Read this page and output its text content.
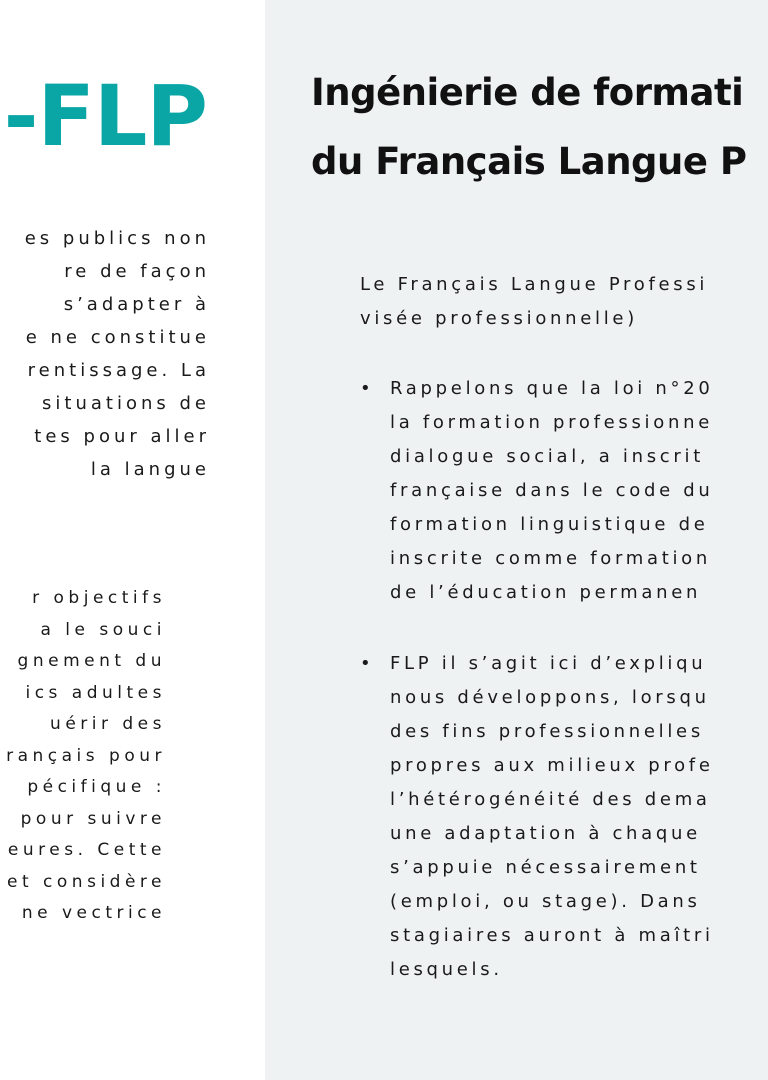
-FLP

es publics non

re de façon

s’adapter à

e ne constitue

rentissage. La

situations de

tes pour aller

la langue

r objectifs

a le souci

gnement du

ics adultes

uérir des

rançais pour

pécifique :

pour suivre

eures. Cette

et considère

ne vectrice

Ingénierie de formati
du Français Langue P
Le Français Langue Professi
visée professionnelle)
• Rappelons que la loi n°20
la formation professionne
dialogue social, a inscrit
française dans le code du
formation linguistique de
inscrite comme formation
de l’éducation permanen
• FLP il s’agit ici d’expliqu
nous développons, lorsqu
des fins professionnelles
propres aux milieux profe
l’hétérogénéité des dema
une adaptation à chaque
s’appuie nécessairement
(emploi, ou stage). Dans
stagiaires auront à maîtri
lesquels.
